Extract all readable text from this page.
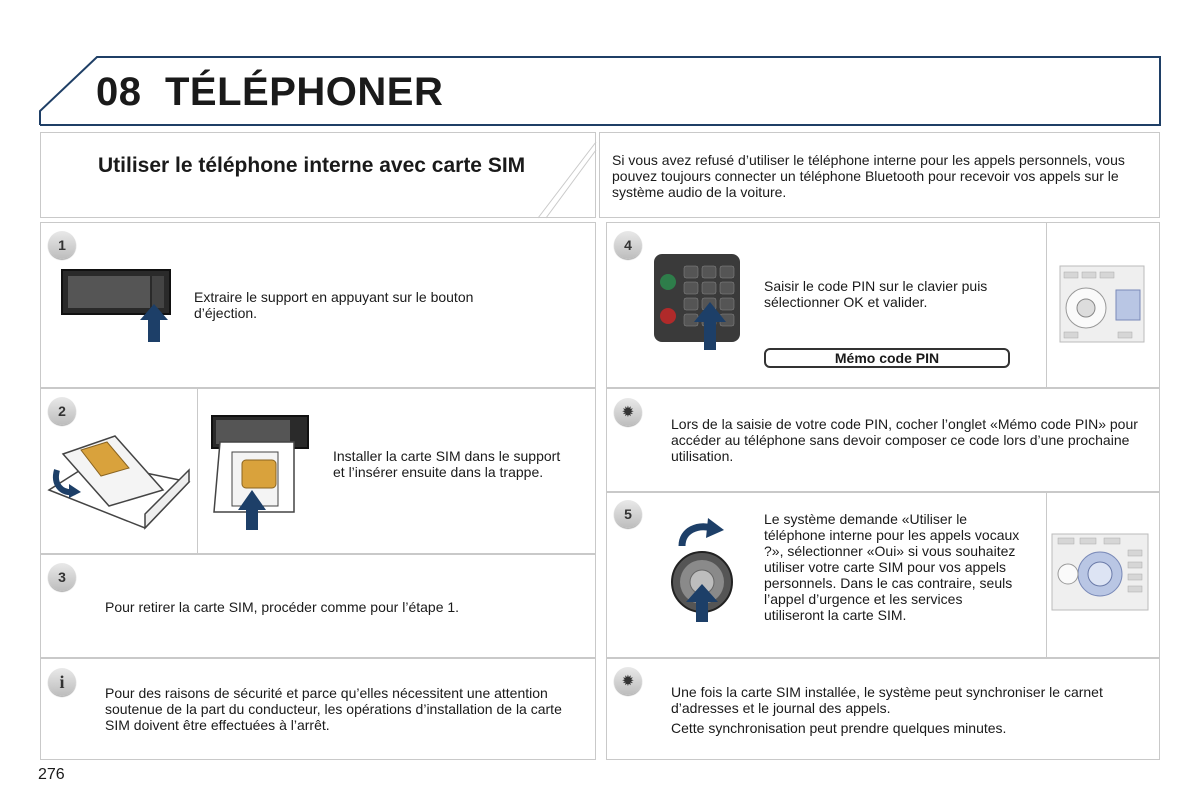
08 TÉLÉPHONER
Utiliser le téléphone interne avec carte SIM	Si vous avez refusé d’utiliser le téléphone interne pour les appels personnels, vous pouvez toujours connecter un téléphone Bluetooth pour recevoir vos appels sur le système audio de la voiture.
1
Extraire le support en appuyant sur le bouton d’éjection.
2
Installer la carte SIM dans le support et l’insérer ensuite dans la trappe.
3
Pour retirer la carte SIM, procéder comme pour l’étape 1.
i
Pour des raisons de sécurité et parce qu’elles nécessitent une attention soutenue de la part du conducteur, les opérations d’installation de la carte SIM doivent être effectuées à l’arrêt.
4
Saisir le code PIN sur le clavier puis sélectionner OK et valider.
Mémo code PIN
✹
Lors de la saisie de votre code PIN, cocher l’onglet «Mémo code PIN» pour accéder au téléphone sans devoir composer ce code lors d’une prochaine utilisation.
5	Le système demande «Utiliser le téléphone interne pour les appels vocaux ?», sélectionner «Oui» si vous souhaitez utiliser votre carte SIM pour vos appels personnels. Dans le cas contraire, seuls l’appel d’urgence et les services utiliseront la carte SIM.
✹
Une fois la carte SIM installée, le système peut synchroniser le carnet d’adresses et le journal des appels.
Cette synchronisation peut prendre quelques minutes.
276
